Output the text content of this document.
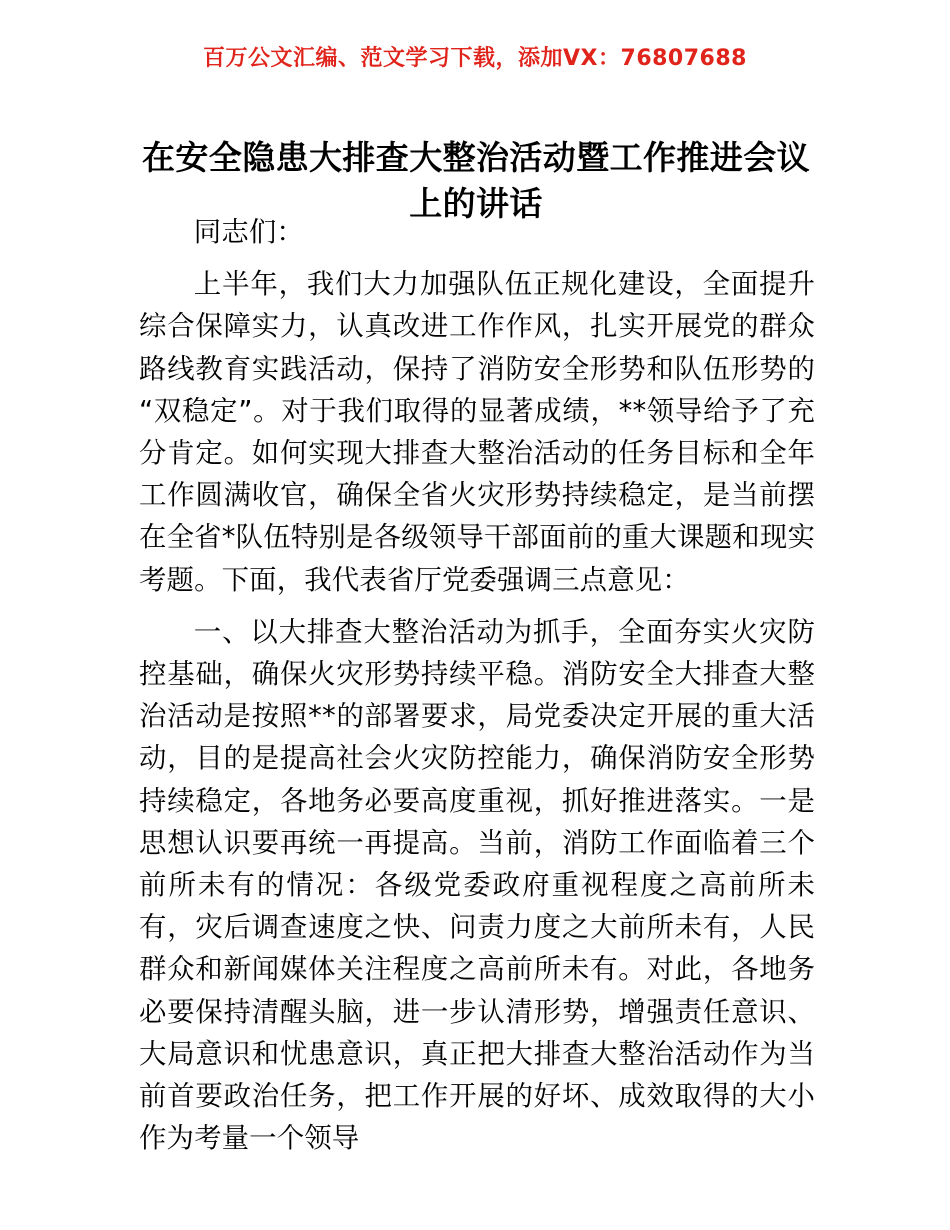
百万公文汇编、范文学习下载，添加VX：76807688
在安全隐患大排查大整治活动暨工作推进会议上的讲话

同志们：

上半年，我们大力加强队伍正规化建设，全面提升综合保障实力，认真改进工作作风，扎实开展党的群众路线教育实践活动，保持了消防安全形势和队伍形势的“双稳定”。对于我们取得的显著成绩，**领导给予了充分肯定。如何实现大排查大整治活动的任务目标和全年工作圆满收官，确保全省火灾形势持续稳定，是当前摆在全省*队伍特别是各级领导干部面前的重大课题和现实考题。下面，我代表省厅党委强调三点意见：

一、以大排查大整治活动为抓手，全面夯实火灾防控基础，确保火灾形势持续平稳。消防安全大排查大整治活动是按照**的部署要求，局党委决定开展的重大活动，目的是提高社会火灾防控能力，确保消防安全形势持续稳定，各地务必要高度重视，抓好推进落实。一是思想认识要再统一再提高。当前，消防工作面临着三个前所未有的情况：各级党委政府重视程度之高前所未有，灾后调查速度之快、问责力度之大前所未有，人民群众和新闻媒体关注程度之高前所未有。对此，各地务必要保持清醒头脑，进一步认清形势，增强责任意识、大局意识和忧患意识，真正把大排查大整治活动作为当前首要政治任务，把工作开展的好坏、成效取得的大小作为考量一个领导
